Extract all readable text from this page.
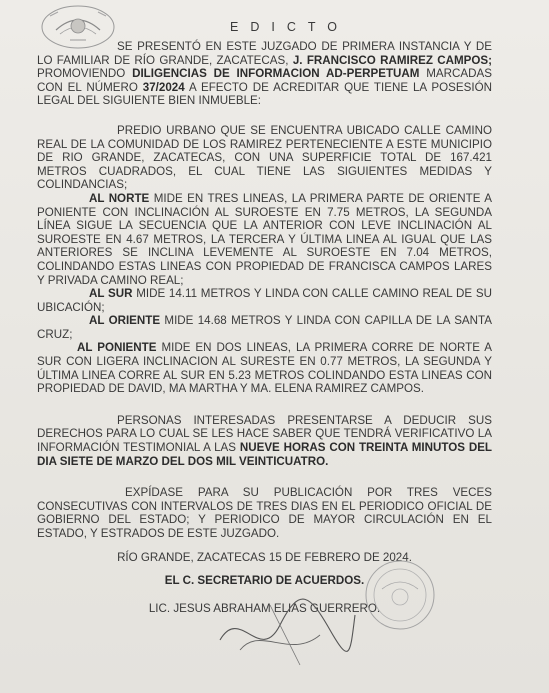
EDICTO

SE PRESENTÓ EN ESTE JUZGADO DE PRIMERA INSTANCIA Y DE LO FAMILIAR DE RÍO GRANDE, ZACATECAS, J. FRANCISCO RAMIREZ CAMPOS; PROMOVIENDO DILIGENCIAS DE INFORMACION AD-PERPETUAM MARCADAS CON EL NÚMERO 37/2024 A EFECTO DE ACREDITAR QUE TIENE LA POSESIÓN LEGAL DEL SIGUIENTE BIEN INMUEBLE:

PREDIO URBANO QUE SE ENCUENTRA UBICADO CALLE CAMINO REAL DE LA COMUNIDAD DE LOS RAMIREZ PERTENECIENTE A ESTE MUNICIPIO DE RIO GRANDE, ZACATECAS, CON UNA SUPERFICIE TOTAL DE 167.421 METROS CUADRADOS, EL CUAL TIENE LAS SIGUIENTES MEDIDAS Y COLINDANCIAS;

AL NORTE MIDE EN TRES LINEAS, LA PRIMERA PARTE DE ORIENTE A PONIENTE CON INCLINACIÓN AL SUROESTE EN 7.75 METROS, LA SEGUNDA LÍNEA SIGUE LA SECUENCIA QUE LA ANTERIOR CON LEVE INCLINACIÓN AL SUROESTE EN 4.67 METROS, LA TERCERA Y ÚLTIMA LINEA AL IGUAL QUE LAS ANTERIORES SE INCLINA LEVEMENTE AL SUROESTE EN 7.04 METROS, COLINDANDO ESTAS LINEAS CON PROPIEDAD DE FRANCISCA CAMPOS LARES Y PRIVADA CAMINO REAL;

AL SUR MIDE 14.11 METROS Y LINDA CON CALLE CAMINO REAL DE SU UBICACIÓN;

AL ORIENTE MIDE 14.68 METROS Y LINDA CON CAPILLA DE LA SANTA CRUZ;

AL PONIENTE MIDE EN DOS LINEAS, LA PRIMERA CORRE DE NORTE A SUR CON LIGERA INCLINACION AL SURESTE EN 0.77 METROS, LA SEGUNDA Y ÚLTIMA LINEA CORRE AL SUR EN 5.23 METROS COLINDANDO ESTA LINEAS CON PROPIEDAD DE DAVID, MA MARTHA Y MA. ELENA RAMIREZ CAMPOS.

PERSONAS INTERESADAS PRESENTARSE A DEDUCIR SUS DERECHOS PARA LO CUAL SE LES HACE SABER QUE TENDRÁ VERIFICATIVO LA INFORMACIÓN TESTIMONIAL A LAS NUEVE HORAS CON TREINTA MINUTOS DEL DIA SIETE DE MARZO DEL DOS MIL VEINTICUATRO.

EXPÍDASE PARA SU PUBLICACIÓN POR TRES VECES CONSECUTIVAS CON INTERVALOS DE TRES DIAS EN EL PERIODICO OFICIAL DE GOBIERNO DEL ESTADO; Y PERIODICO DE MAYOR CIRCULACIÓN EN EL ESTADO, Y ESTRADOS DE ESTE JUZGADO.

RÍO GRANDE, ZACATECAS 15 DE FEBRERO DE 2024.

EL C. SECRETARIO DE ACUERDOS.

LIC. JESUS ABRAHAM ELIAS GUERRERO.
